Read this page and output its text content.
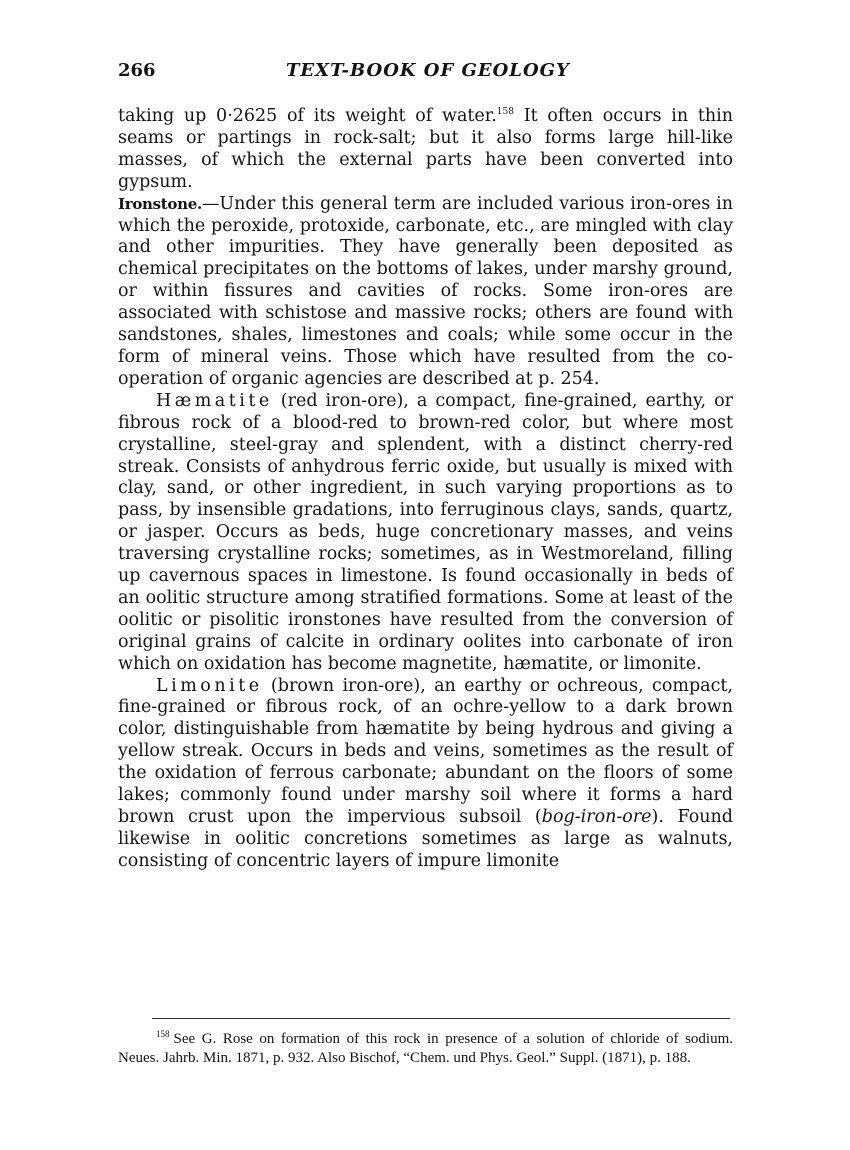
266	TEXT-BOOK OF GEOLOGY

taking up 0·2625 of its weight of water.$^{158}$ It often occurs in thin seams or partings in rock-salt; but it also forms large hill-like masses, of which the external parts have been converted into gypsum.

Ironstone.—Under this general term are included various iron-ores in which the peroxide, protoxide, carbonate, etc., are mingled with clay and other impurities. They have generally been deposited as chemical precipitates on the bottoms of lakes, under marshy ground, or within fissures and cavities of rocks. Some iron-ores are associated with schistose and massive rocks; others are found with sandstones, shales, limestones and coals; while some occur in the form of mineral veins. Those which have resulted from the co-operation of organic agencies are described at p. 254.

Hæmatite (red iron-ore), a compact, fine-grained, earthy, or fibrous rock of a blood-red to brown-red color, but where most crystalline, steel-gray and splendent, with a distinct cherry-red streak. Consists of anhydrous ferric oxide, but usually is mixed with clay, sand, or other ingredient, in such varying proportions as to pass, by insensible gradations, into ferruginous clays, sands, quartz, or jasper. Occurs as beds, huge concretionary masses, and veins traversing crystalline rocks; sometimes, as in Westmoreland, filling up cavernous spaces in limestone. Is found occasionally in beds of an oolitic structure among stratified formations. Some at least of the oolitic or pisolitic ironstones have resulted from the conversion of original grains of calcite in ordinary oolites into carbonate of iron which on oxidation has become magnetite, hæmatite, or limonite.

Limonite (brown iron-ore), an earthy or ochreous, compact, fine-grained or fibrous rock, of an ochre-yellow to a dark brown color, distinguishable from hæmatite by being hydrous and giving a yellow streak. Occurs in beds and veins, sometimes as the result of the oxidation of ferrous carbonate; abundant on the floors of some lakes; commonly found under marshy soil where it forms a hard brown crust upon the impervious subsoil (bog-iron-ore). Found likewise in oolitic concretions sometimes as large as walnuts, consisting of concentric layers of impure limonite

$^{158}$ See G. Rose on formation of this rock in presence of a solution of chloride of sodium. Neues. Jahrb. Min. 1871, p. 932. Also Bischof, “Chem. und Phys. Geol.” Suppl. (1871), p. 188.
